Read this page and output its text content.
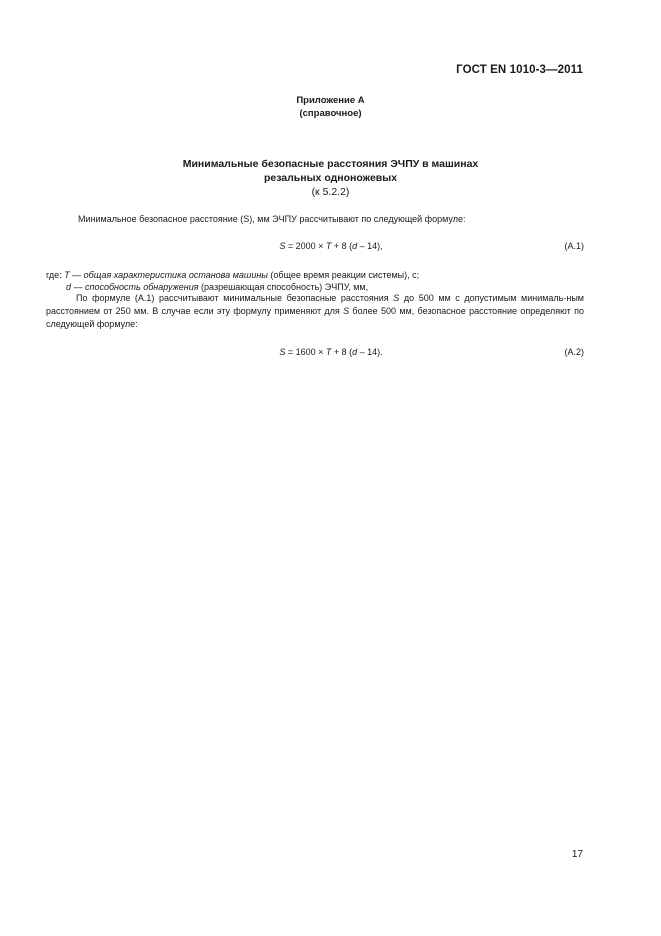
ГОСТ EN 1010-3—2011
Приложение А
(справочное)
Минимальные безопасные расстояния ЭЧПУ в машинах
резальных одноножевых
(к 5.2.2)
Минимальное безопасное расстояние (S), мм ЭЧПУ рассчитывают по следующей формуле:
S = 2000 × T + 8 (d – 14),	(А.1)
где: T — общая характеристика останова машины (общее время реакции системы), с;
d — способность обнаружения (разрешающая способность) ЭЧПУ, мм,
По формуле (А.1) рассчитывают минимальные безопасные расстояния S до 500 мм с допустимым минималь-ным расстоянием от 250 мм. В случае если эту формулу применяют для S более 500 мм, безопасное расстояние определяют по следующей формуле:
S = 1600 × T + 8 (d – 14).	(А.2)
17
